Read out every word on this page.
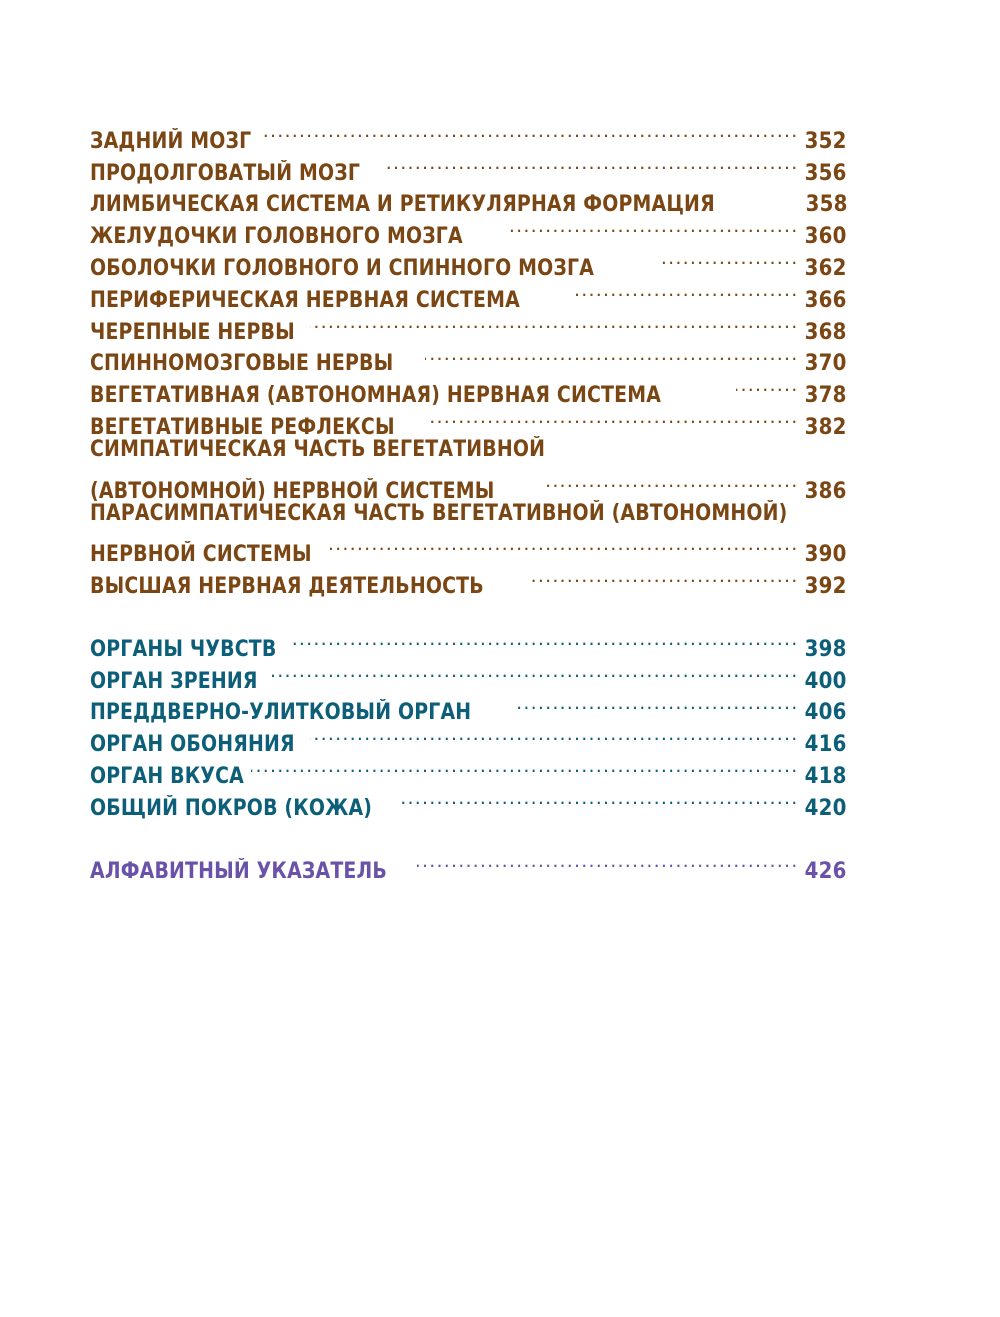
ЗАДНИЙ МОЗГ .....	352
ПРОДОЛГОВАТЫЙ МОЗГ .....	356
ЛИМБИЧЕСКАЯ СИСТЕМА И РЕТИКУЛЯРНАЯ ФОРМАЦИЯ	358
ЖЕЛУДОЧКИ ГОЛОВНОГО МОЗГА .....	360
ОБОЛОЧКИ ГОЛОВНОГО И СПИННОГО МОЗГА .....	362
ПЕРИФЕРИЧЕСКАЯ НЕРВНАЯ СИСТЕМА .....	366
ЧЕРЕПНЫЕ НЕРВЫ .....	368
СПИННОМОЗГОВЫЕ НЕРВЫ .....	370
ВЕГЕТАТИВНАЯ (АВТОНОМНАЯ) НЕРВНАЯ СИСТЕМА .....	378
ВЕГЕТАТИВНЫЕ РЕФЛЕКСЫ .....	382
СИМПАТИЧЕСКАЯ ЧАСТЬ ВЕГЕТАТИВНОЙ
(АВТОНОМНОЙ) НЕРВНОЙ СИСТЕМЫ .....	386
ПАРАСИМПАТИЧЕСКАЯ ЧАСТЬ ВЕГЕТАТИВНОЙ (АВТОНОМНОЙ)
НЕРВНОЙ СИСТЕМЫ .....	390
ВЫСШАЯ НЕРВНАЯ ДЕЯТЕЛЬНОСТЬ .....	392
ОРГАНЫ ЧУВСТВ .....	398
ОРГАН ЗРЕНИЯ .....	400
ПРЕДДВЕРНО-УЛИТКОВЫЙ ОРГАН .....	406
ОРГАН ОБОНЯНИЯ .....	416
ОРГАН ВКУСА .....	418
ОБЩИЙ ПОКРОВ (КОЖА) .....	420
АЛФАВИТНЫЙ УКАЗАТЕЛЬ .....	426
